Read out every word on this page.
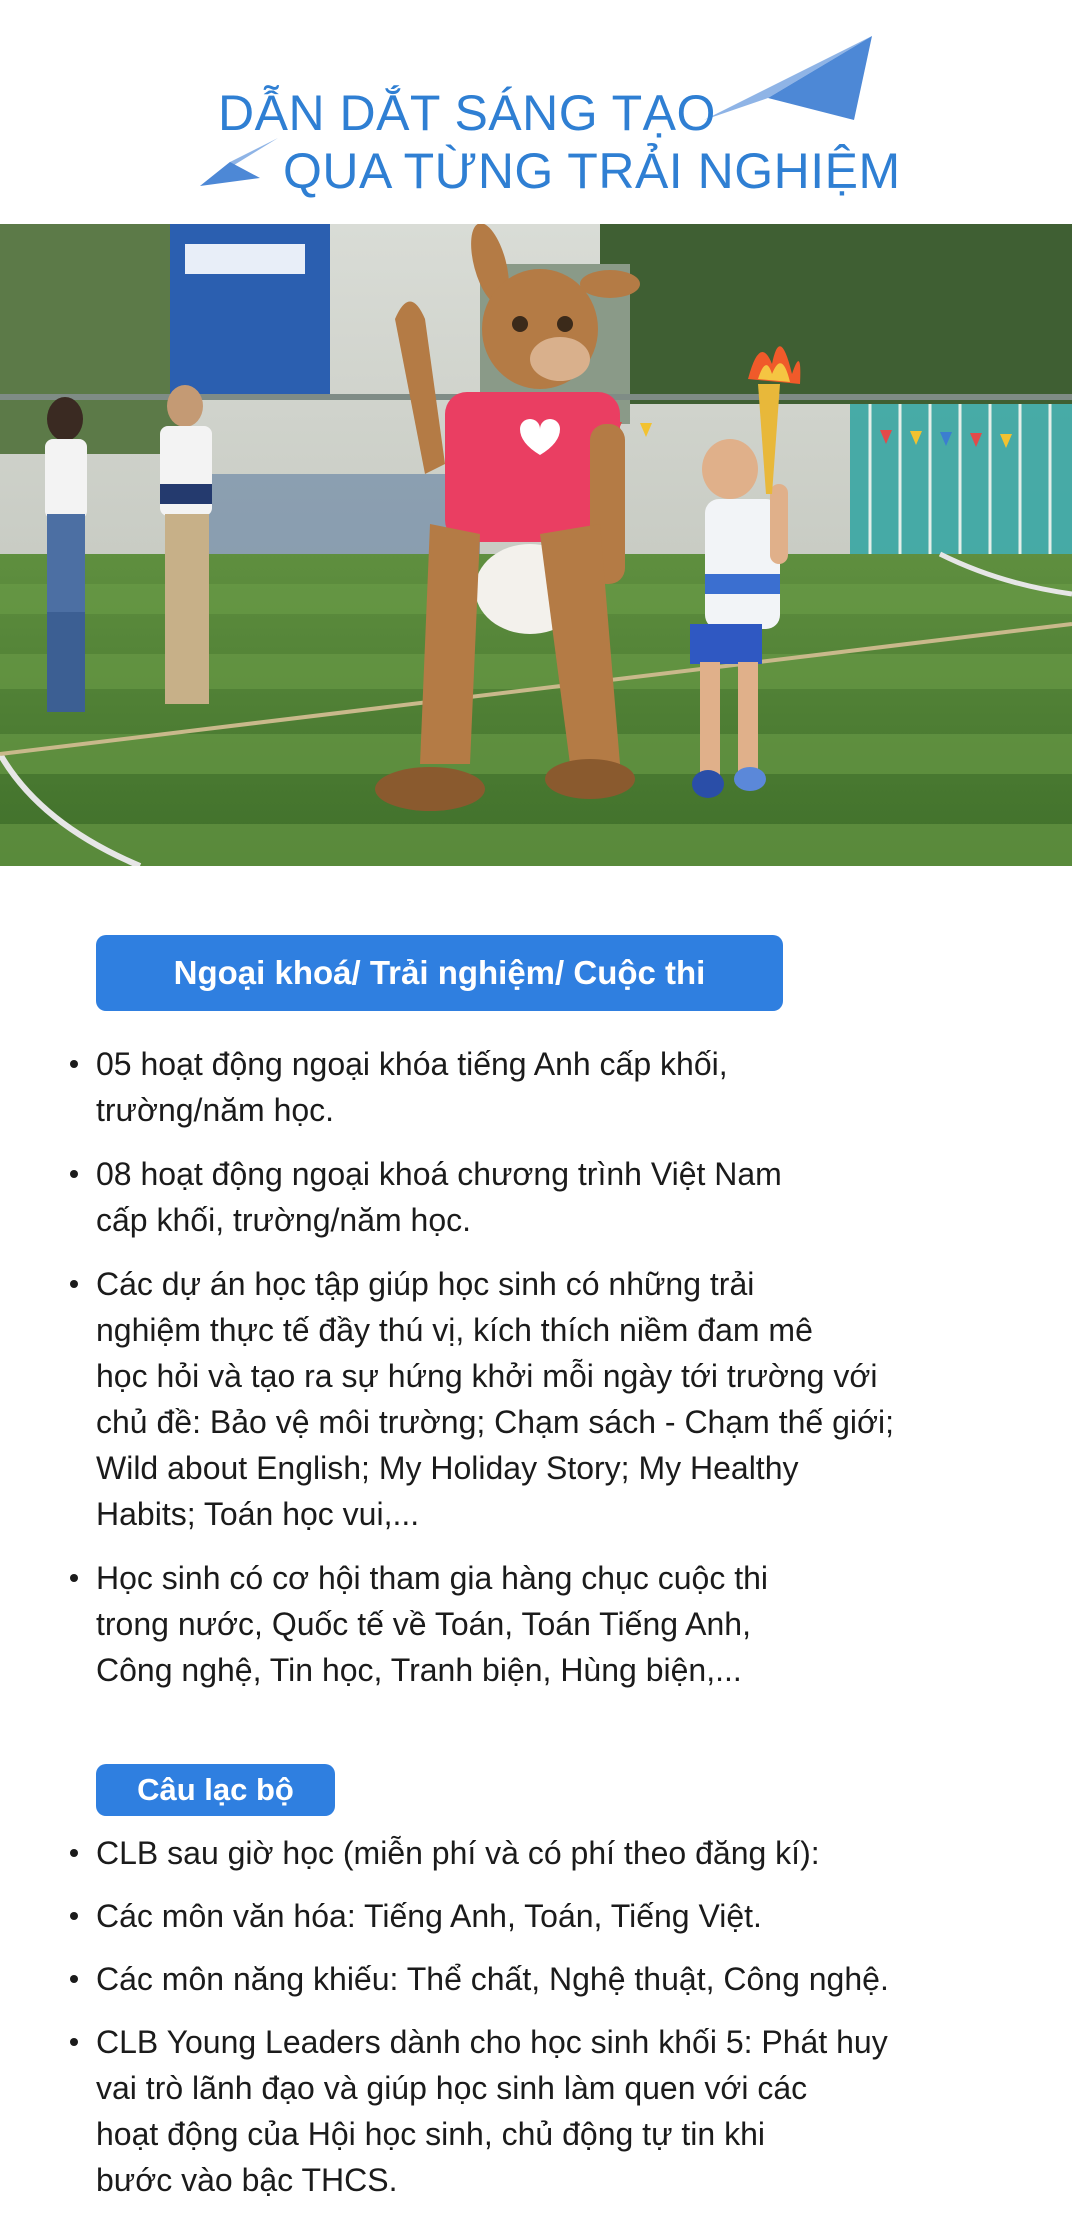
DẪN DẮT SÁNG TẠO
QUA TỪNG TRẢI NGHIỆM
Ngoại khoá/ Trải nghiệm/ Cuộc thi
05 hoạt động ngoại khóa tiếng Anh cấp khối,
trường/năm học.
08 hoạt động ngoại khoá chương trình Việt Nam
cấp khối, trường/năm học.
Các dự án học tập giúp học sinh có những trải
nghiệm thực tế đầy thú vị, kích thích niềm đam mê
học hỏi và tạo ra sự hứng khởi mỗi ngày tới trường với
chủ đề: Bảo vệ môi trường; Chạm sách - Chạm thế giới;
Wild about English; My Holiday Story; My Healthy
Habits; Toán học vui,...
Học sinh có cơ hội tham gia hàng chục cuộc thi
trong nước, Quốc tế về Toán, Toán Tiếng Anh,
Công nghệ, Tin học, Tranh biện, Hùng biện,...
Câu lạc bộ
CLB sau giờ học (miễn phí và có phí theo đăng kí):
Các môn văn hóa: Tiếng Anh, Toán, Tiếng Việt.
Các môn năng khiếu: Thể chất, Nghệ thuật, Công nghệ.
CLB Young Leaders dành cho học sinh khối 5: Phát huy
vai trò lãnh đạo và giúp học sinh làm quen với các
hoạt động của Hội học sinh, chủ động tự tin khi
bước vào bậc THCS.
